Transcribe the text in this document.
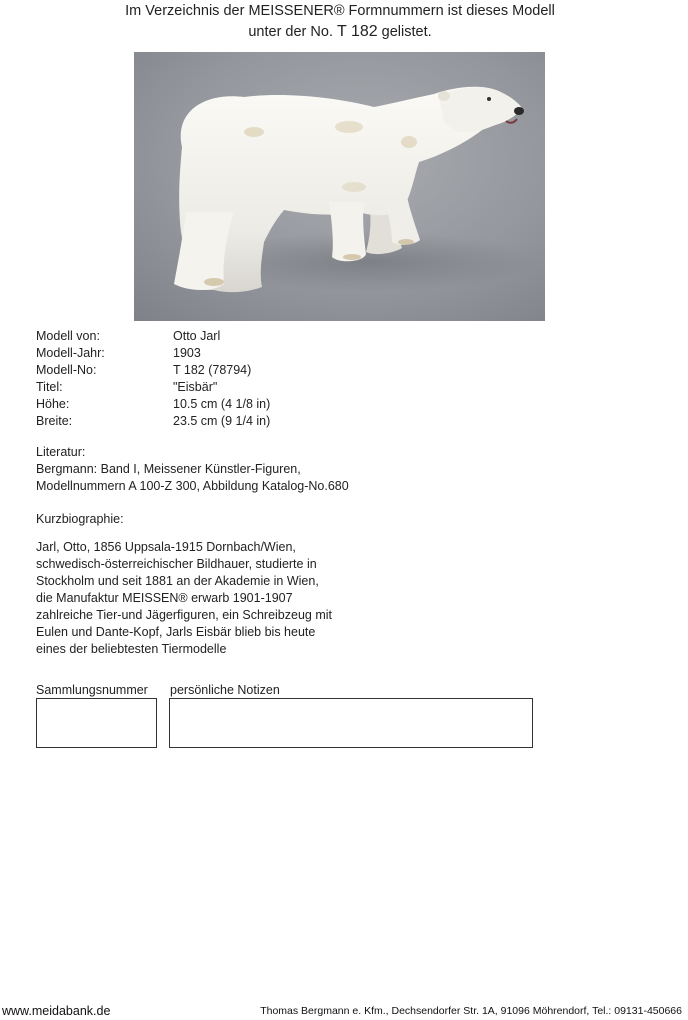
Im Verzeichnis der MEISSENER® Formnummern ist dieses Modell
unter der No. T 182 gelistet.
Modell von:	Otto Jarl
Modell-Jahr:	1903
Modell-No:	T 182 (78794)
Titel:	"Eisbär"
Höhe:	10.5 cm (4 1/8 in)
Breite:	23.5 cm (9 1/4 in)
Literatur:
Bergmann: Band I, Meissener Künstler-Figuren,
Modellnummern A 100-Z 300, Abbildung Katalog-No.680
Kurzbiographie:
Jarl, Otto, 1856 Uppsala-1915 Dornbach/Wien,
schwedisch-österreichischer Bildhauer, studierte in
Stockholm und seit 1881 an der Akademie in Wien,
die Manufaktur MEISSEN® erwarb 1901-1907
zahlreiche Tier-und Jägerfiguren, ein Schreibzeug mit
Eulen und Dante-Kopf, Jarls Eisbär blieb bis heute
eines der beliebtesten Tiermodelle
Sammlungsnummer persönliche Notizen
www.meidabank.de	Thomas Bergmann e. Kfm., Dechsendorfer Str. 1A, 91096 Möhrendorf, Tel.: 09131-450666
